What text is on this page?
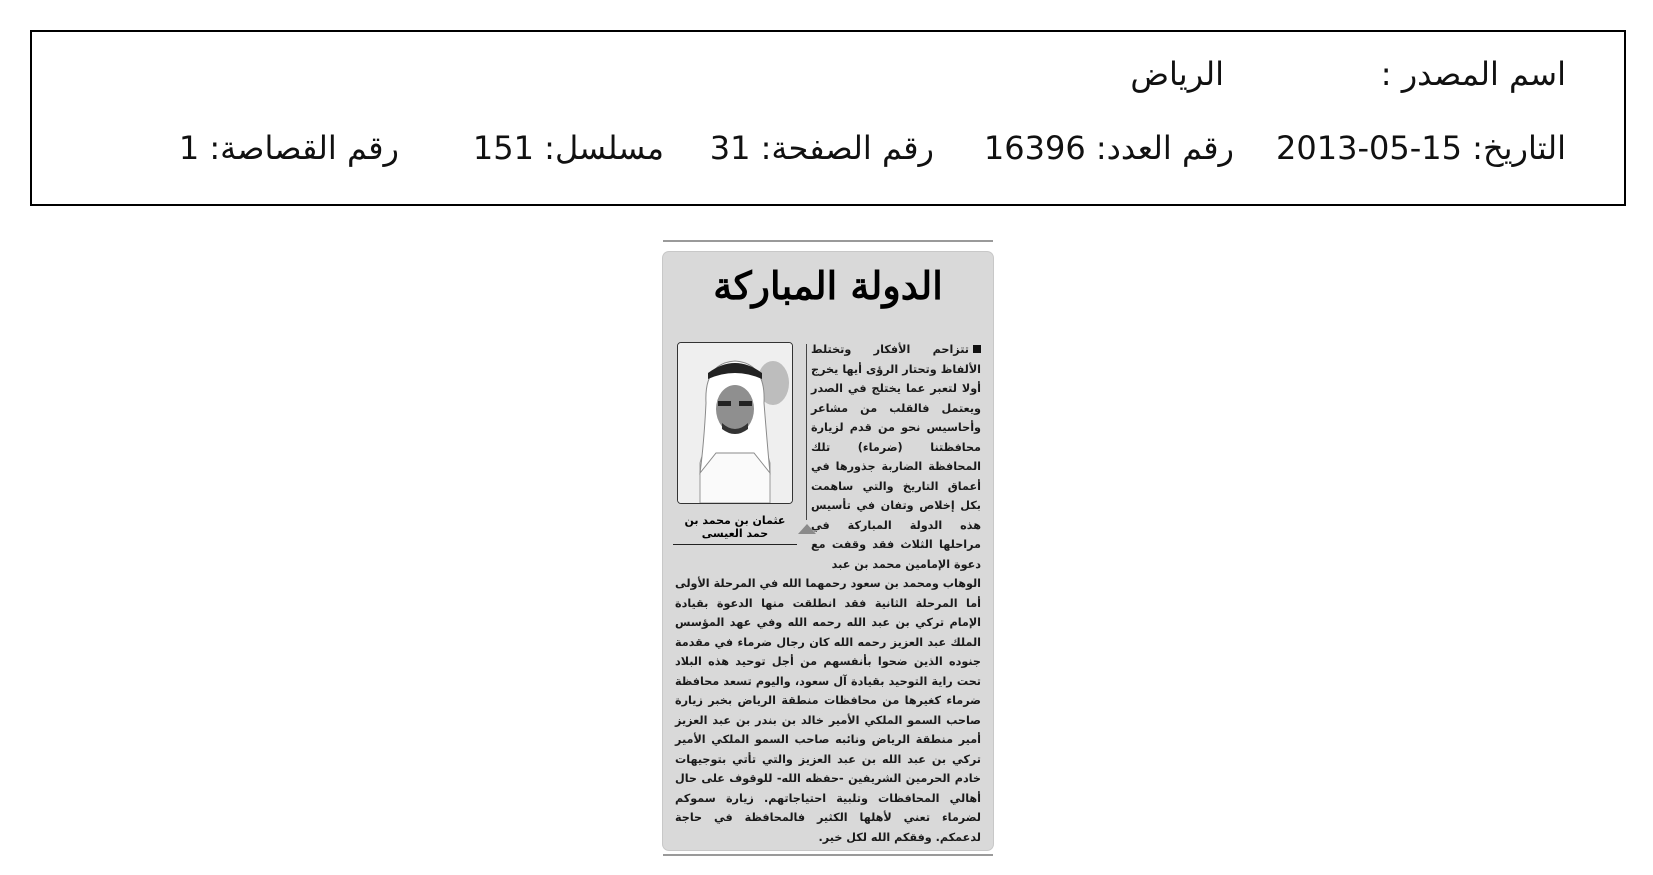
اسم المصدر :
الرياض
التاريخ: 15-05-2013
رقم العدد: 16396
رقم الصفحة: 31
مسلسل: 151
رقم القصاصة: 1
الدولة المباركة
عثمان بن محمد بن حمد العيسى
تتزاحم الأفكار وتختلط الألفاظ وتحتار الرؤى أيها يخرج أولا لتعبر عما يختلج في الصدر ويعتمل فالقلب من مشاعر وأحاسيس نحو من قدم لزيارة محافظتنا (ضرماء) تلك المحافظة الضاربة جذورها في أعماق التاريخ والتي ساهمت بكل إخلاص وتفان في تأسيس هذه الدولة المباركة في مراحلها الثلاث فقد وقفت مع دعوة الإمامين محمد بن عبد
الوهاب ومحمد بن سعود رحمهما الله في المرحلة الأولى أما المرحلة الثانية فقد انطلقت منها الدعوة بقيادة الإمام تركي بن عبد الله رحمه الله وفي عهد المؤسس الملك عبد العزيز رحمه الله كان رجال ضرماء في مقدمة جنوده الذين ضحوا بأنفسهم من أجل توحيد هذه البلاد تحت راية التوحيد بقيادة آل سعود، واليوم تسعد محافظة ضرماء كغيرها من محافظات منطقة الرياض بخبر زيارة صاحب السمو الملكي الأمير خالد بن بندر بن عبد العزيز أمير منطقة الرياض ونائبه صاحب السمو الملكي الأمير تركي بن عبد الله بن عبد العزيز والتي تأتي بتوجيهات خادم الحرمين الشريفين -حفظه الله- للوقوف على حال أهالي المحافظات وتلبية احتياجاتهم. زيارة سموكم لضرماء تعني لأهلها الكثير فالمحافظة في حاجة لدعمكم. وفقكم الله لكل خير.
